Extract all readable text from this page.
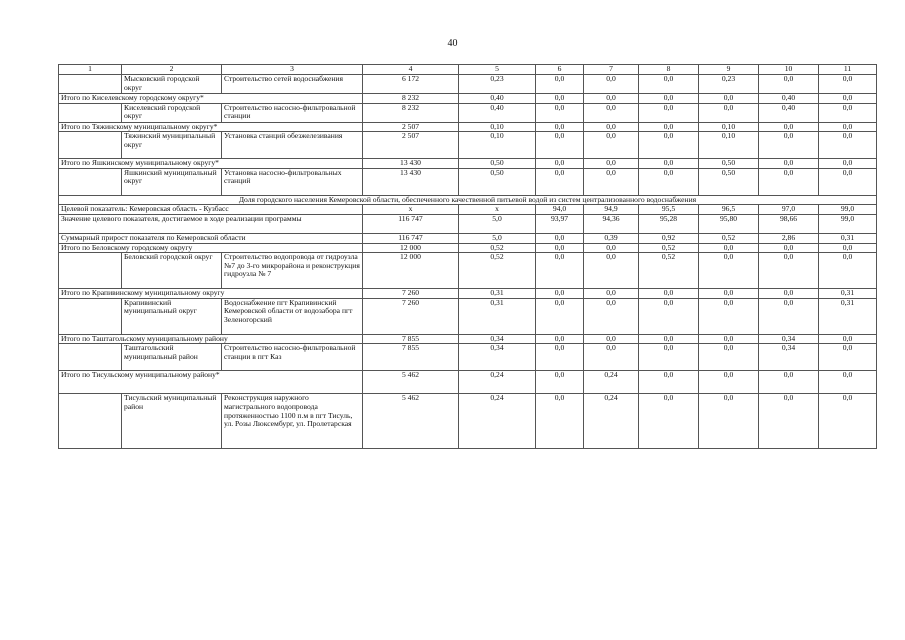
40
1	2	3	4	5	6	7	8	9	10	11
	Мысковский городской округ	Строительство сетей водоснабжения	6 172	0,23	0,0	0,0	0,0	0,23	0,0	0,0
Итого по Киселевскому городскому округу*			8 232	0,40	0,0	0,0	0,0	0,0	0,40	0,0
	Киселевский городской округ	Строительство насосно-фильтровальной станции	8 232	0,40	0,0	0,0	0,0	0,0	0,40	0,0
Итого по Тяжинскому муниципальному округу*			2 507	0,10	0,0	0,0	0,0	0,10	0,0	0,0
	Тяжинский муниципальный округ	Установка станций обезжелезивания	2 507	0,10	0,0	0,0	0,0	0,10	0,0	0,0
Итого по Яшкинскому муниципальному округу*			13 430	0,50	0,0	0,0	0,0	0,50	0,0	0,0
	Яшкинский муниципальный округ	Установка насосно-фильтровальных станций	13 430	0,50	0,0	0,0	0,0	0,50	0,0	0,0
Доля городского населения Кемеровской области, обеспеченного качественной питьевой водой из систем централизованного водоснабжения										
Целевой показатель: Кемеровская область - Кузбасс			x	x	94,0	94,9	95,5	96,5	97,0	99,0
Значение целевого показателя, достигаемое в ходе реализации программы			116 747	5,0	93,97	94,36	95,28	95,80	98,66	99,0
Суммарный прирост показателя по Кемеровской области			116 747	5,0	0,0	0,39	0,92	0,52	2,86	0,31
Итого по Беловскому городскому округу			12 000	0,52	0,0	0,0	0,52	0,0	0,0	0,0
	Беловский городской округ	Строительство водопровода от гидроузла №7 до 3-го микрорайона и реконструкция гидроузла № 7	12 000	0,52	0,0	0,0	0,52	0,0	0,0	0,0
Итого по Крапивинскому муниципальному округу			7 260	0,31	0,0	0,0	0,0	0,0	0,0	0,31
	Крапивинский муниципальный округ	Водоснабжение пгт Крапивинский Кемеровской области от водозабора пгт Зеленогорский	7 260	0,31	0,0	0,0	0,0	0,0	0,0	0,31
Итого по Таштагольскому муниципальному району			7 855	0,34	0,0	0,0	0,0	0,0	0,34	0,0
	Таштагольский муниципальный район	Строительство насосно-фильтровальной станции в пгт Каз	7 855	0,34	0,0	0,0	0,0	0,0	0,34	0,0
Итого по Тисульскому муниципальному району*			5 462	0,24	0,0	0,24	0,0	0,0	0,0	0,0
	Тисульский муниципальный район	Реконструкция наружного магистрального водопровода протяженностью 1100 п.м в пгт Тисуль, ул. Розы Люксембург, ул. Пролетарская	5 462	0,24	0,0	0,24	0,0	0,0	0,0	0,0
